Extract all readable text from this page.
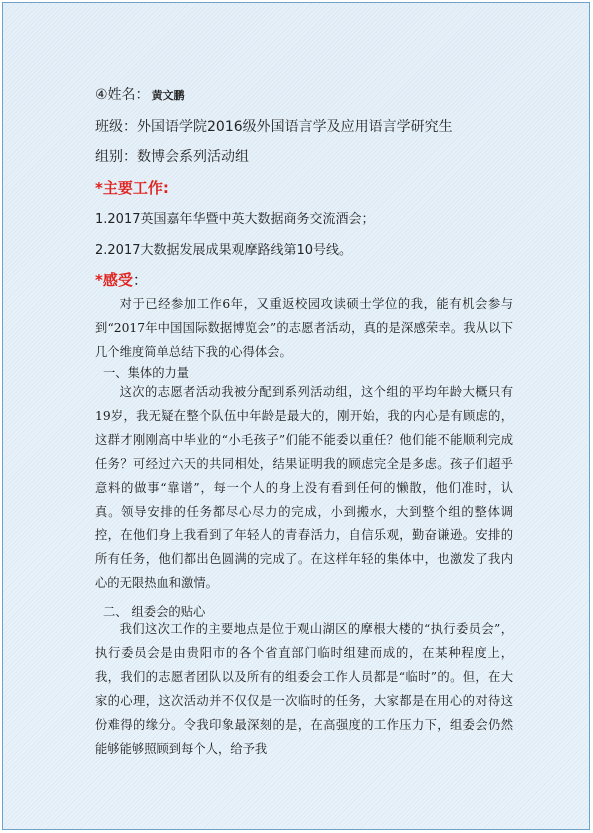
④姓名： 黄文鹏
班级：外国语学院2016级外国语言学及应用语言学研究生
组别：数博会系列活动组
*主要工作:
1.2017英国嘉年华暨中英大数据商务交流酒会；
2.2017大数据发展成果观摩路线第10号线。
*感受：
对于已经参加工作6年，又重返校园攻读硕士学位的我，能有机会参与到“2017年中国国际数据博览会”的志愿者活动，真的是深感荣幸。我从以下几个维度简单总结下我的心得体会。
一、集体的力量
这次的志愿者活动我被分配到系列活动组，这个组的平均年龄大概只有19岁，我无疑在整个队伍中年龄是最大的，刚开始，我的内心是有顾虑的，这群才刚刚高中毕业的“小毛孩子”们能不能委以重任？他们能不能顺利完成任务？可经过六天的共同相处，结果证明我的顾虑完全是多虑。孩子们超乎意料的做事“靠谱”，每一个人的身上没有看到任何的懒散，他们准时，认真。领导安排的任务都尽心尽力的完成，小到搬水，大到整个组的整体调控，在他们身上我看到了年轻人的青春活力，自信乐观，勤奋谦逊。安排的所有任务，他们都出色圆满的完成了。在这样年轻的集体中，也激发了我内心的无限热血和激情。
二、 组委会的贴心
我们这次工作的主要地点是位于观山湖区的摩根大楼的“执行委员会”，执行委员会是由贵阳市的各个省直部门临时组建而成的，在某种程度上，我，我们的志愿者团队以及所有的组委会工作人员都是“临时”的。但，在大家的心理，这次活动并不仅仅是一次临时的任务，大家都是在用心的对待这份难得的缘分。令我印象最深刻的是，在高强度的工作压力下，组委会仍然能够能够照顾到每个人，给予我
